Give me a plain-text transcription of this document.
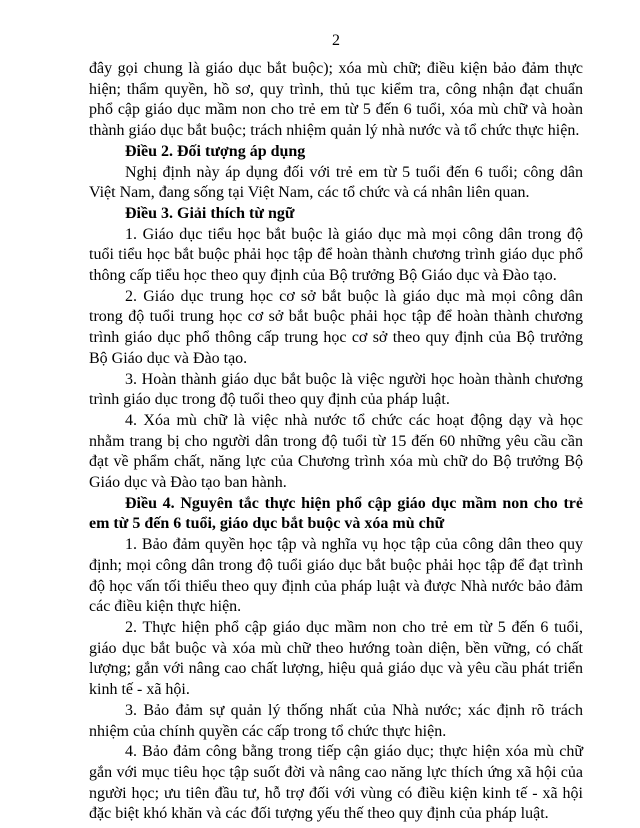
2

đây gọi chung là giáo dục bắt buộc); xóa mù chữ; điều kiện bảo đảm thực hiện; thẩm quyền, hồ sơ, quy trình, thủ tục kiểm tra, công nhận đạt chuẩn phổ cập giáo dục mầm non cho trẻ em từ 5 đến 6 tuổi, xóa mù chữ và hoàn thành giáo dục bắt buộc; trách nhiệm quản lý nhà nước và tổ chức thực hiện.

Điều 2. Đối tượng áp dụng

Nghị định này áp dụng đối với trẻ em từ 5 tuổi đến 6 tuổi; công dân Việt Nam, đang sống tại Việt Nam, các tổ chức và cá nhân liên quan.

Điều 3. Giải thích từ ngữ

1. Giáo dục tiểu học bắt buộc là giáo dục mà mọi công dân trong độ tuổi tiểu học bắt buộc phải học tập để hoàn thành chương trình giáo dục phổ thông cấp tiểu học theo quy định của Bộ trưởng Bộ Giáo dục và Đào tạo.

2. Giáo dục trung học cơ sở bắt buộc là giáo dục mà mọi công dân trong độ tuổi trung học cơ sở bắt buộc phải học tập để hoàn thành chương trình giáo dục phổ thông cấp trung học cơ sở theo quy định của Bộ trưởng Bộ Giáo dục và Đào tạo.

3. Hoàn thành giáo dục bắt buộc là việc người học hoàn thành chương trình giáo dục trong độ tuổi theo quy định của pháp luật.

4. Xóa mù chữ là việc nhà nước tổ chức các hoạt động dạy và học nhằm trang bị cho người dân trong độ tuổi từ 15 đến 60 những yêu cầu cần đạt về phẩm chất, năng lực của Chương trình xóa mù chữ do Bộ trưởng Bộ Giáo dục và Đào tạo ban hành.

Điều 4. Nguyên tắc thực hiện phổ cập giáo dục mầm non cho trẻ em từ 5 đến 6 tuổi, giáo dục bắt buộc và xóa mù chữ

1. Bảo đảm quyền học tập và nghĩa vụ học tập của công dân theo quy định; mọi công dân trong độ tuổi giáo dục bắt buộc phải học tập để đạt trình độ học vấn tối thiểu theo quy định của pháp luật và được Nhà nước bảo đảm các điều kiện thực hiện.

2. Thực hiện phổ cập giáo dục mầm non cho trẻ em từ 5 đến 6 tuổi, giáo dục bắt buộc và xóa mù chữ theo hướng toàn diện, bền vững, có chất lượng; gắn với nâng cao chất lượng, hiệu quả giáo dục và yêu cầu phát triển kinh tế - xã hội.

3. Bảo đảm sự quản lý thống nhất của Nhà nước; xác định rõ trách nhiệm của chính quyền các cấp trong tổ chức thực hiện.

4. Bảo đảm công bằng trong tiếp cận giáo dục; thực hiện xóa mù chữ gắn với mục tiêu học tập suốt đời và nâng cao năng lực thích ứng xã hội của người học; ưu tiên đầu tư, hỗ trợ đối với vùng có điều kiện kinh tế - xã hội đặc biệt khó khăn và các đối tượng yếu thế theo quy định của pháp luật.
